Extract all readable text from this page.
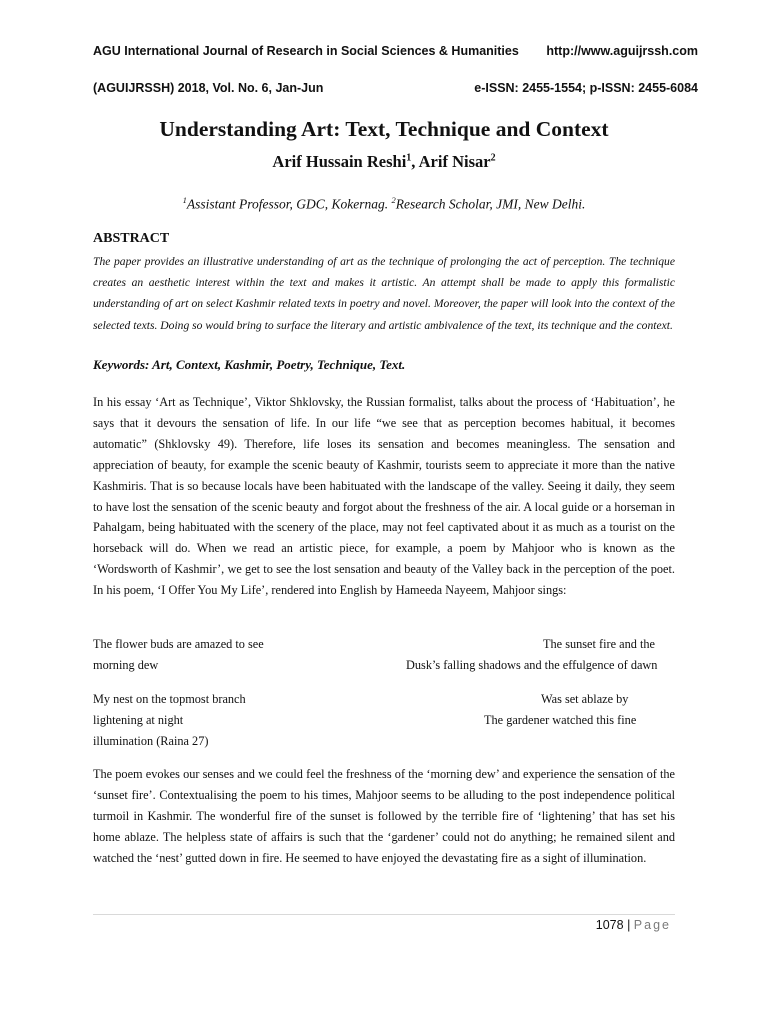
AGU International Journal of Research in Social Sciences & Humanities http://www.aguijrssh.com
(AGUIJRSSH) 2018, Vol. No. 6, Jan-Jun	e-ISSN: 2455-1554; p-ISSN: 2455-6084
Understanding Art: Text, Technique and Context
Arif Hussain Reshi$^1$, Arif Nisar$^2$
$^1$Assistant Professor, GDC, Kokernag. $^2$Research Scholar, JMI, New Delhi.
ABSTRACT
The paper provides an illustrative understanding of art as the technique of prolonging the act of perception. The technique creates an aesthetic interest within the text and makes it artistic. An attempt shall be made to apply this formalistic understanding of art on select Kashmir related texts in poetry and novel. Moreover, the paper will look into the context of the selected texts. Doing so would bring to surface the literary and artistic ambivalence of the text, its technique and the context.
Keywords: Art, Context, Kashmir, Poetry, Technique, Text.
In his essay ‘Art as Technique’, Viktor Shklovsky, the Russian formalist, talks about the process of ‘Habituation’, he says that it devours the sensation of life. In our life “we see that as perception becomes habitual, it becomes automatic” (Shklovsky 49). Therefore, life loses its sensation and becomes meaningless. The sensation and appreciation of beauty, for example the scenic beauty of Kashmir, tourists seem to appreciate it more than the native Kashmiris. That is so because locals have been habituated with the landscape of the valley. Seeing it daily, they seem to have lost the sensation of the scenic beauty and forgot about the freshness of the air. A local guide or a horseman in Pahalgam, being habituated with the scenery of the place, may not feel captivated about it as much as a tourist on the horseback will do. When we read an artistic piece, for example, a poem by Mahjoor who is known as the ‘Wordsworth of Kashmir’, we get to see the lost sensation and beauty of the Valley back in the perception of the poet. In his poem, ‘I Offer You My Life’, rendered into English by Hameeda Nayeem, Mahjoor sings:
The flower buds are amazed to see	The sunset fire and the
morning dew	Dusk’s falling shadows and the effulgence of dawn
My nest on the topmost branch	Was set ablaze by
lightening at night	The gardener watched this fine
illumination (Raina 27)
The poem evokes our senses and we could feel the freshness of the ‘morning dew’ and experience the sensation of the ‘sunset fire’. Contextualising the poem to his times, Mahjoor seems to be alluding to the post independence political turmoil in Kashmir. The wonderful fire of the sunset is followed by the terrible fire of ‘lightening’ that has set his home ablaze. The helpless state of affairs is such that the ‘gardener’ could not do anything; he remained silent and watched the ‘nest’ gutted down in fire. He seemed to have enjoyed the devastating fire as a sight of illumination.
1078 | Page
